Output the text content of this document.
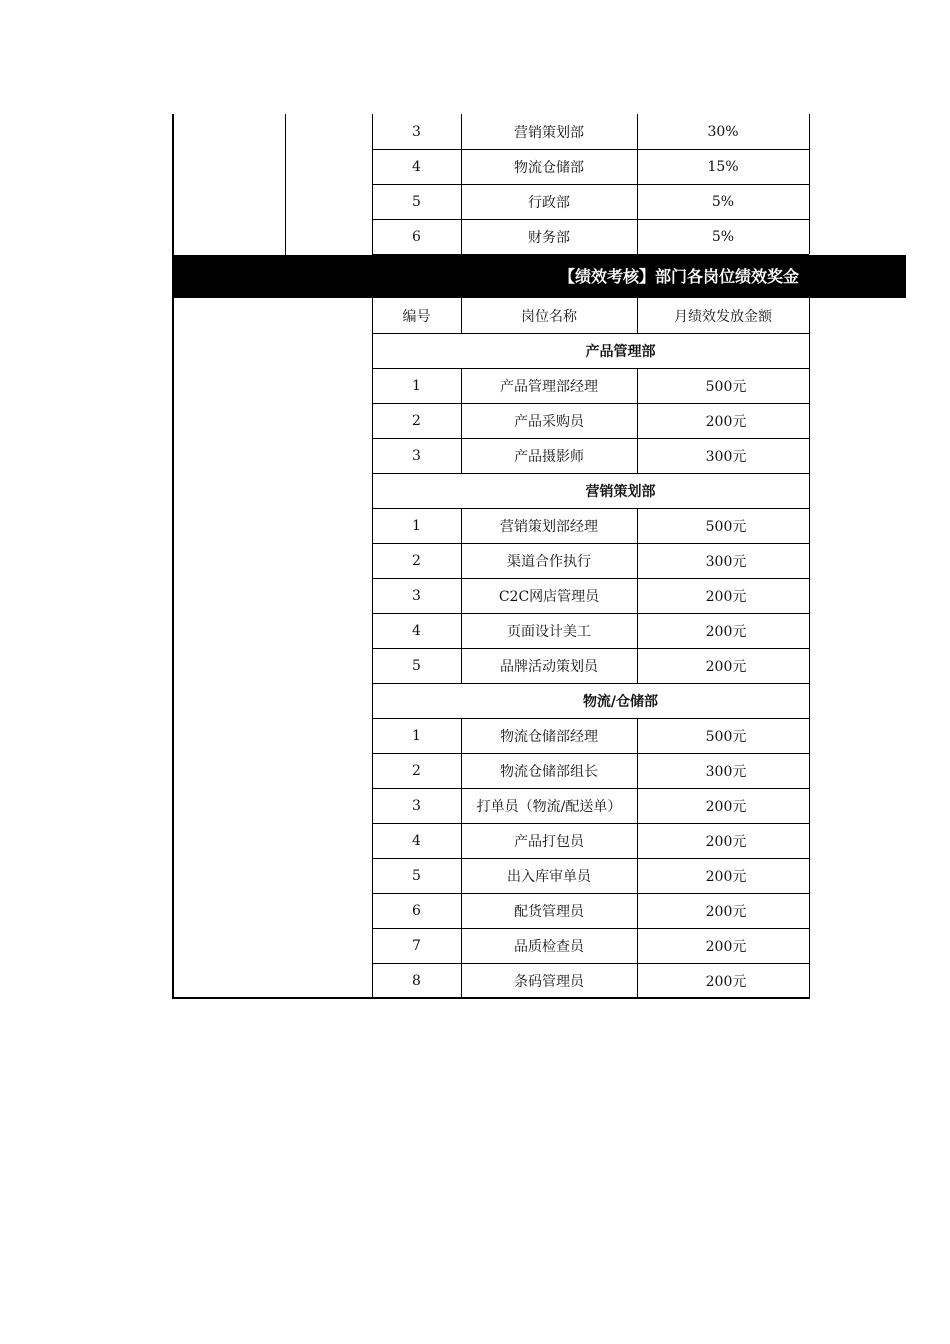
【绩效考核】部门各岗位绩效奖金
3	营销策划部	30%
4	物流仓储部	15%
5	行政部	5%
6	财务部	5%
编号	岗位名称	月绩效发放金额
产品管理部
1	产品管理部经理	500元
2	产品采购员	200元
3	产品摄影师	300元
营销策划部
1	营销策划部经理	500元
2	渠道合作执行	300元
3	C2C网店管理员	200元
4	页面设计美工	200元
5	品牌活动策划员	200元
物流/仓储部
1	物流仓储部经理	500元
2	物流仓储部组长	300元
3	打单员（物流/配送单）	200元
4	产品打包员	200元
5	出入库审单员	200元
6	配货管理员	200元
7	品质检查员	200元
8	条码管理员	200元
